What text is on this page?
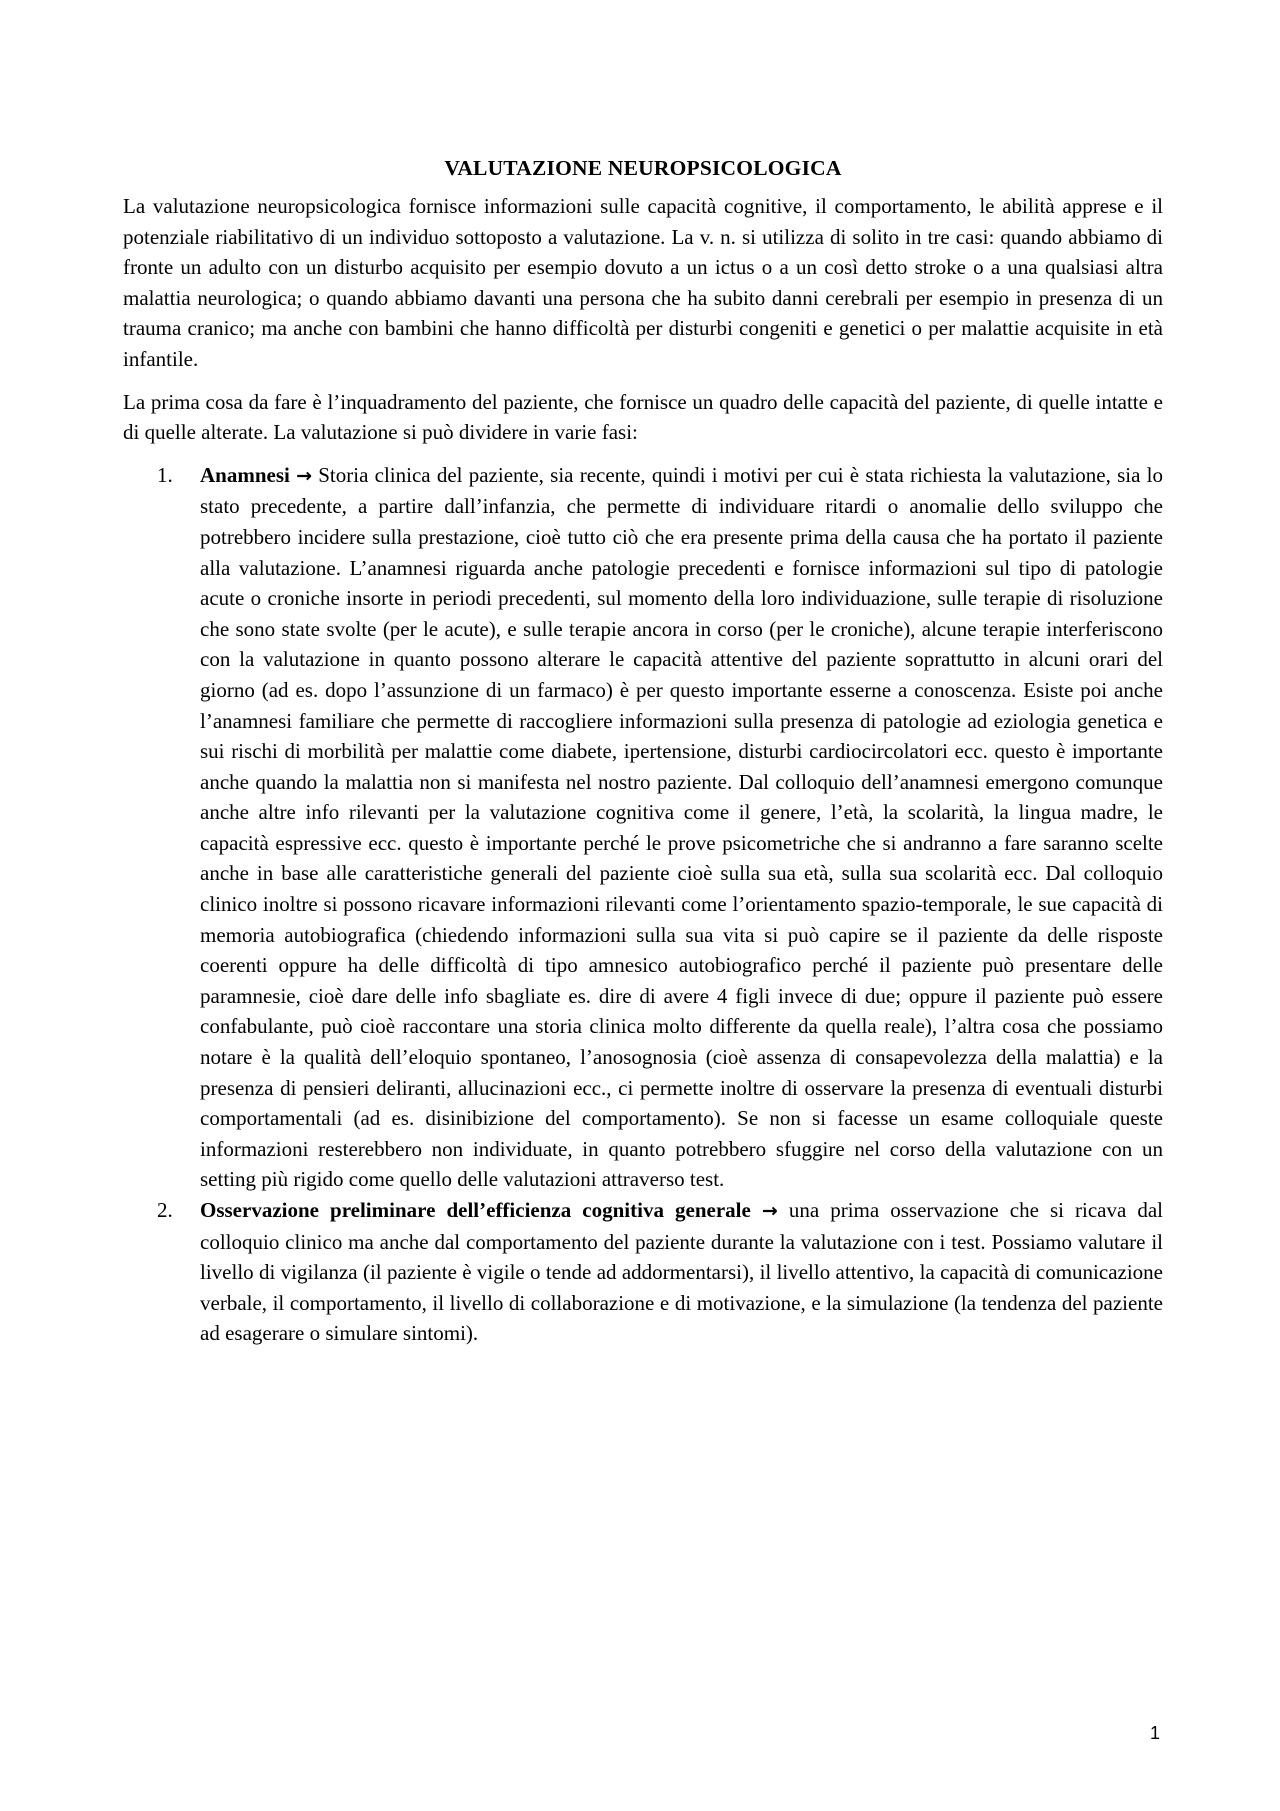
VALUTAZIONE NEUROPSICOLOGICA

La valutazione neuropsicologica fornisce informazioni sulle capacità cognitive, il comportamento, le abilità apprese e il potenziale riabilitativo di un individuo sottoposto a valutazione. La v. n. si utilizza di solito in tre casi: quando abbiamo di fronte un adulto con un disturbo acquisito per esempio dovuto a un ictus o a un così detto stroke o a una qualsiasi altra malattia neurologica; o quando abbiamo davanti una persona che ha subito danni cerebrali per esempio in presenza di un trauma cranico; ma anche con bambini che hanno difficoltà per disturbi congeniti e genetici o per malattie acquisite in età infantile.

La prima cosa da fare è l’inquadramento del paziente, che fornisce un quadro delle capacità del paziente, di quelle intatte e di quelle alterate. La valutazione si può dividere in varie fasi:

1. Anamnesi → Storia clinica del paziente, sia recente, quindi i motivi per cui è stata richiesta la valutazione, sia lo stato precedente, a partire dall’infanzia, che permette di individuare ritardi o anomalie dello sviluppo che potrebbero incidere sulla prestazione, cioè tutto ciò che era presente prima della causa che ha portato il paziente alla valutazione. L’anamnesi riguarda anche patologie precedenti e fornisce informazioni sul tipo di patologie acute o croniche insorte in periodi precedenti, sul momento della loro individuazione, sulle terapie di risoluzione che sono state svolte (per le acute), e sulle terapie ancora in corso (per le croniche), alcune terapie interferiscono con la valutazione in quanto possono alterare le capacità attentive del paziente soprattutto in alcuni orari del giorno (ad es. dopo l’assunzione di un farmaco) è per questo importante esserne a conoscenza. Esiste poi anche l’anamnesi familiare che permette di raccogliere informazioni sulla presenza di patologie ad eziologia genetica e sui rischi di morbilità per malattie come diabete, ipertensione, disturbi cardiocircolatori ecc. questo è importante anche quando la malattia non si manifesta nel nostro paziente. Dal colloquio dell’anamnesi emergono comunque anche altre info rilevanti per la valutazione cognitiva come il genere, l’età, la scolarità, la lingua madre, le capacità espressive ecc. questo è importante perché le prove psicometriche che si andranno a fare saranno scelte anche in base alle caratteristiche generali del paziente cioè sulla sua età, sulla sua scolarità ecc. Dal colloquio clinico inoltre si possono ricavare informazioni rilevanti come l’orientamento spazio-temporale, le sue capacità di memoria autobiografica (chiedendo informazioni sulla sua vita si può capire se il paziente da delle risposte coerenti oppure ha delle difficoltà di tipo amnesico autobiografico perché il paziente può presentare delle paramnesie, cioè dare delle info sbagliate es. dire di avere 4 figli invece di due; oppure il paziente può essere confabulante, può cioè raccontare una storia clinica molto differente da quella reale), l’altra cosa che possiamo notare è la qualità dell’eloquio spontaneo, l’anosognosia (cioè assenza di consapevolezza della malattia) e la presenza di pensieri deliranti, allucinazioni ecc., ci permette inoltre di osservare la presenza di eventuali disturbi comportamentali (ad es. disinibizione del comportamento). Se non si facesse un esame colloquiale queste informazioni resterebbero non individuate, in quanto potrebbero sfuggire nel corso della valutazione con un setting più rigido come quello delle valutazioni attraverso test.
2. Osservazione preliminare dell’efficienza cognitiva generale → una prima osservazione che si ricava dal colloquio clinico ma anche dal comportamento del paziente durante la valutazione con i test. Possiamo valutare il livello di vigilanza (il paziente è vigile o tende ad addormentarsi), il livello attentivo, la capacità di comunicazione verbale, il comportamento, il livello di collaborazione e di motivazione, e la simulazione (la tendenza del paziente ad esagerare o simulare sintomi).
1
